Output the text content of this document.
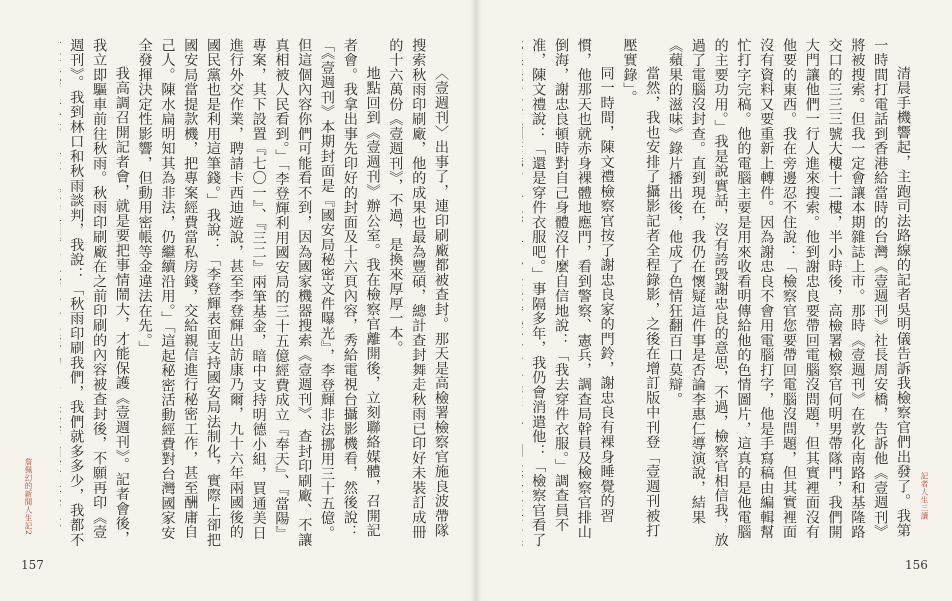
〈壹週刊〉出事了，連印刷廠都被查封。那天是高檢署檢察官施良波帶隊搜索秋雨印刷廠，他的成果也最為豐碩，總計查封舞走秋雨已印好未裝訂成冊的十六萬份《壹週刊》，不過，是換來厚厚一本。

地點回到《壹週刊》辦公室。我在檢察官離開後，立刻聯絡媒體，召開記者會。我拿出事先印好的封面及十六頁內容，秀給電視台攝影機看，然後說：「《壹週刊》本期封面是『國安局秘密文件曝光』，李登輝非法挪用三十五億。但這個內容你們可能看不到，因為國家機器搜索《壹週刊》、查封印刷廠、不讓真相被人民看到。」「李登輝利用國安局的三十五億經費成立『奉天』、『當陽』專案，其下設置『七〇一』、『三二』兩筆基金，暗中支持明德小組，買通美日進行外交作業，聘請卡西迪遊說，甚至李登輝出訪康乃爾，九十六年兩國後的國民黨也是利用這筆錢。」我說：「李登輝表面支持國安局法制化，實際上卻把國安局當提款機，把專案經費當私房錢，交給親信進行秘密工作，甚至酬庸自己人。陳水扁明知其為非法，仍繼續沿用。」「這起秘密活動經費對台灣國家安全發揮決定性影響，但動用密帳等金違法在先。」

我高調召開記者會，就是要把事情鬧大，才能保護《壹週刊》。記者會後，我立即驅車前往秋雨。秋雨印刷廠在之前印刷的內容被查封後，不願再印《壹週刊》。我到林口和秋雨談判，我說：「秋雨印刷我們，我們就多多少，我都不

詹佩幻的新聞人生記2
157

清晨手機響起，主跑司法路線的記者吳明儀告訴我檢察官們出發了。我第一時間打電話到香港給當時的台灣《壹週刊》社長周安橋，告訴他《壹週刊》將被搜索。但我一定會讓本期雜誌上市。那時《壹週刊》在敦化南路和基隆路交口的三三三號大樓十二樓，半小時後，高檢署檢察官何明男帶隊門，我們開大門讓他們一行人進來搜索。他到謝忠良要帶回電腦沒問題，但其實裡面沒有他要的東西。我在旁邊忍不住說：「檢察官您要帶回電腦沒問題，但其實裡面沒有資料又要重新上轉件。因為謝忠良不會用電腦打字，他是手寫稿由編輯幫忙打字完稿。他的電腦主要是用來收看明傳給他的色情圖片，這真的是他電腦的主要功用。」我是說實話，沒有誇毀謝忠良的意思，不過，檢察官相信我，放過了電腦沒封查。直到現在，我仍在懷疑這件事是否論李惠仁導演說，結果《蘋果的滋味》錄片播出後，他成了色情狂翻百口莫辯。

當然，我也安排了攝影記者全程錄影，之後在增訂版中刊登「壹週刊被打壓實錄」。

同一時間，陳文禮檢察官按了謝忠良家的門鈴，謝忠良有裸身睡覺的習慣，他那天也就赤身裸體地應門，看到警察、憲兵，調查局幹員及檢察官排山倒海，謝忠良頓時對自己身體沒什麼自信地說：「我去穿件衣服。」調查員不准，陳文禮說：「還是穿件衣服吧。」事隔多年，我仍會消遣他：「檢察官看了

記者人生三讀
156
